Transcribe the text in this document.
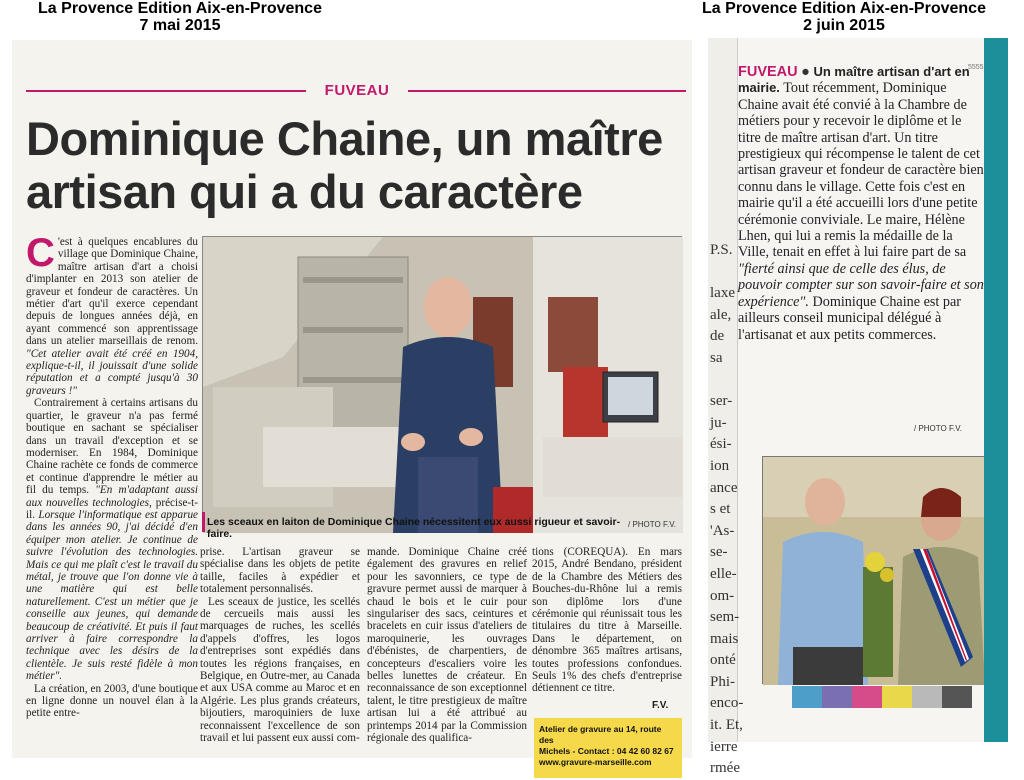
La Provence Edition Aix-en-Provence
7 mai 2015
La Provence Edition Aix-en-Provence
2 juin 2015
FUVEAU
Dominique Chaine, un maître artisan qui a du caractère

C 'est à quelques encablures du village que Dominique Chaine, maître artisan d'art a choisi d'implanter en 2013 son atelier de graveur et fondeur de caractères. Un métier d'art qu'il exerce cependant depuis de longues années déjà, en ayant commencé son apprentissage dans un atelier marseillais de renom. "Cet atelier avait été créé en 1904, explique-t-il, il jouissait d'une solide réputation et a compté jusqu'à 30 graveurs !"

Contrairement à certains artisans du quartier, le graveur n'a pas fermé boutique en sachant se spécialiser dans un travail d'exception et se moderniser. En 1984, Dominique Chaine rachète ce fonds de commerce et continue d'apprendre le métier au fil du temps. "En m'adaptant aussi aux nouvelles technologies, précise-t-il. Lorsque l'informatique est apparue dans les années 90, j'ai décidé d'en équiper mon atelier. Je continue de suivre l'évolution des technologies. Mais ce qui me plaît c'est le travail du métal, je trouve que l'on donne vie à une matière qui est belle naturellement. C'est un métier que je conseille aux jeunes, qui demande beaucoup de créativité. Et puis il faut arriver à faire correspondre la technique avec les désirs de la clientèle. Je suis resté fidèle à mon métier".

La création, en 2003, d'une boutique en ligne donne un nouvel élan à la petite entre-

Les sceaux en laiton de Dominique Chaine nécessitent eux aussi rigueur et savoir-faire.
/ PHOTO F.V.

prise. L'artisan graveur se spécialise dans les objets de petite taille, faciles à expédier et totalement personnalisés.

Les sceaux de justice, les scellés de cercueils mais aussi les marquages de ruches, les scellés d'appels d'offres, les logos d'entreprises sont expédiés dans toutes les régions françaises, en Belgique, en Outre-mer, au Canada et aux USA comme au Maroc et en Algérie. Les plus grands créateurs, bijoutiers, maroquiniers de luxe reconnaissent l'excellence de son travail et lui passent eux aussi com-

mande. Dominique Chaine créé également des gravures en relief pour les savonniers, ce type de gravure permet aussi de marquer à chaud le bois et le cuir pour singulariser des sacs, ceintures et bracelets en cuir issus d'ateliers de maroquinerie, les ouvrages d'ébénistes, de charpentiers, de concepteurs d'escaliers voire les belles lunettes de créateur. En reconnaissance de son exceptionnel talent, le titre prestigieux de maître artisan lui a été attribué au printemps 2014 par la Commission régionale des qualifica-

tions (COREQUA). En mars 2015, André Bendano, président de la Chambre des Métiers des Bouches-du-Rhône lui a remis son diplôme lors d'une cérémonie qui réunissait tous les titulaires du titre à Marseille. Dans le département, on dénombre 365 maîtres artisans, toutes professions confondues. Seuls 1% des chefs d'entreprise détiennent ce titre.

F.V.
Atelier de gravure au 14, route des
Michels - Contact : 04 42 60 82 67
www.gravure-marseille.com
P.S.

laxe
ale,
de
sa

ser-
ju-
ési-
ion
ance
s et
'As-
se-
elle-
om-
sem-
mais
onté
Phi-
enco-
it. Et,
ierre
rmée
5555
FUVEAU ● Un maître artisan d'art en mairie. Tout récemment, Dominique Chaine avait été convié à la Chambre de métiers pour y recevoir le diplôme et le titre de maître artisan d'art. Un titre prestigieux qui récompense le talent de cet artisan graveur et fondeur de caractère bien connu dans le village. Cette fois c'est en mairie qu'il a été accueilli lors d'une petite cérémonie conviviale. Le maire, Hélène Lhen, qui lui a remis la médaille de la Ville, tenait en effet à lui faire part de sa "fierté ainsi que de celle des élus, de pouvoir compter sur son savoir-faire et son expérience". Dominique Chaine est par ailleurs conseil municipal délégué à l'artisanat et aux petits commerces.
/ PHOTO F.V.
